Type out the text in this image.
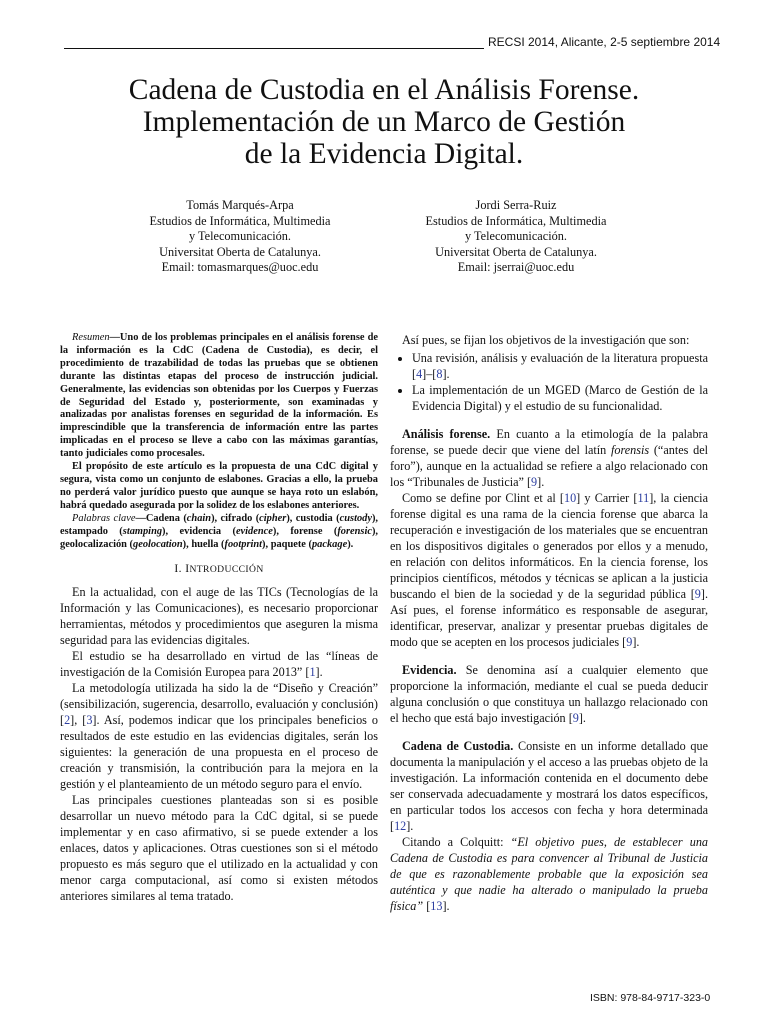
RECSI 2014, Alicante, 2-5 septiembre 2014
Cadena de Custodia en el Análisis Forense.
Implementación de un Marco de Gestión
de la Evidencia Digital.
Tomás Marqués-Arpa
Estudios de Informática, Multimedia
y Telecomunicación.
Universitat Oberta de Catalunya.
Email: tomasmarques@uoc.edu
Jordi Serra-Ruiz
Estudios de Informática, Multimedia
y Telecomunicación.
Universitat Oberta de Catalunya.
Email: jserrai@uoc.edu

Resumen—Uno de los problemas principales en el análisis forense de la información es la CdC (Cadena de Custodia), es decir, el procedimiento de trazabilidad de todas las pruebas que se obtienen durante las distintas etapas del proceso de instrucción judicial. Generalmente, las evidencias son obtenidas por los Cuerpos y Fuerzas de Seguridad del Estado y, posteriormente, son examinadas y analizadas por analistas forenses en seguridad de la información. Es imprescindible que la transferencia de información entre las partes implicadas en el proceso se lleve a cabo con las máximas garantías, tanto judiciales como procesales.

El propósito de este artículo es la propuesta de una CdC digital y segura, vista como un conjunto de eslabones. Gracias a ello, la prueba no perderá valor jurídico puesto que aunque se haya roto un eslabón, habrá quedado asegurada por la solidez de los eslabones anteriores.

Palabras clave—Cadena (chain), cifrado (cipher), custodia (custody), estampado (stamping), evidencia (evidence), forense (forensic), geolocalización (geolocation), huella (footprint), paquete (package).

I. INTRODUCCIÓN

En la actualidad, con el auge de las TICs (Tecnologías de la Información y las Comunicaciones), es necesario proporcionar herramientas, métodos y procedimientos que aseguren la misma seguridad para las evidencias digitales.

El estudio se ha desarrollado en virtud de las “líneas de investigación de la Comisión Europea para 2013” [1].

La metodología utilizada ha sido la de “Diseño y Creación” (sensibilización, sugerencia, desarrollo, evaluación y conclusión) [2], [3]. Así, podemos indicar que los principales beneficios o resultados de este estudio en las evidencias digitales, serán los siguientes: la generación de una propuesta en el proceso de creación y transmisión, la contribución para la mejora en la gestión y el planteamiento de un método seguro para el envío.

Las principales cuestiones planteadas son si es posible desarrollar un nuevo método para la CdC dgital, si se puede implementar y en caso afirmativo, si se puede extender a los enlaces, datos y aplicaciones. Otras cuestiones son si el método propuesto es más seguro que el utilizado en la actualidad y con menor carga computacional, así como si existen métodos anteriores similares al tema tratado.

Así pues, se fijan los objetivos de la investigación que son:

• Una revisión, análisis y evaluación de la literatura propuesta [4]–[8].
• La implementación de un MGED (Marco de Gestión de la Evidencia Digital) y el estudio de su funcionalidad.

Análisis forense. En cuanto a la etimología de la palabra forense, se puede decir que viene del latín forensis (“antes del foro”), aunque en la actualidad se refiere a algo relacionado con los “Tribunales de Justicia” [9].

Como se define por Clint et al [10] y Carrier [11], la ciencia forense digital es una rama de la ciencia forense que abarca la recuperación e investigación de los materiales que se encuentran en los dispositivos digitales o generados por ellos y a menudo, en relación con delitos informáticos. En la ciencia forense, los principios científicos, métodos y técnicas se aplican a la justicia buscando el bien de la sociedad y de la seguridad pública [9]. Así pues, el forense informático es responsable de asegurar, identificar, preservar, analizar y presentar pruebas digitales de modo que se acepten en los procesos judiciales [9].

Evidencia. Se denomina así a cualquier elemento que proporcione la información, mediante el cual se pueda deducir alguna conclusión o que constituya un hallazgo relacionado con el hecho que está bajo investigación [9].

Cadena de Custodia. Consiste en un informe detallado que documenta la manipulación y el acceso a las pruebas objeto de la investigación. La información contenida en el documento debe ser conservada adecuadamente y mostrará los datos específicos, en particular todos los accesos con fecha y hora determinada [12].

Citando a Colquitt: “El objetivo pues, de establecer una Cadena de Custodia es para convencer al Tribunal de Justicia de que es razonablemente probable que la exposición sea auténtica y que nadie ha alterado o manipulado la prueba física” [13].

ISBN: 978-84-9717-323-0
